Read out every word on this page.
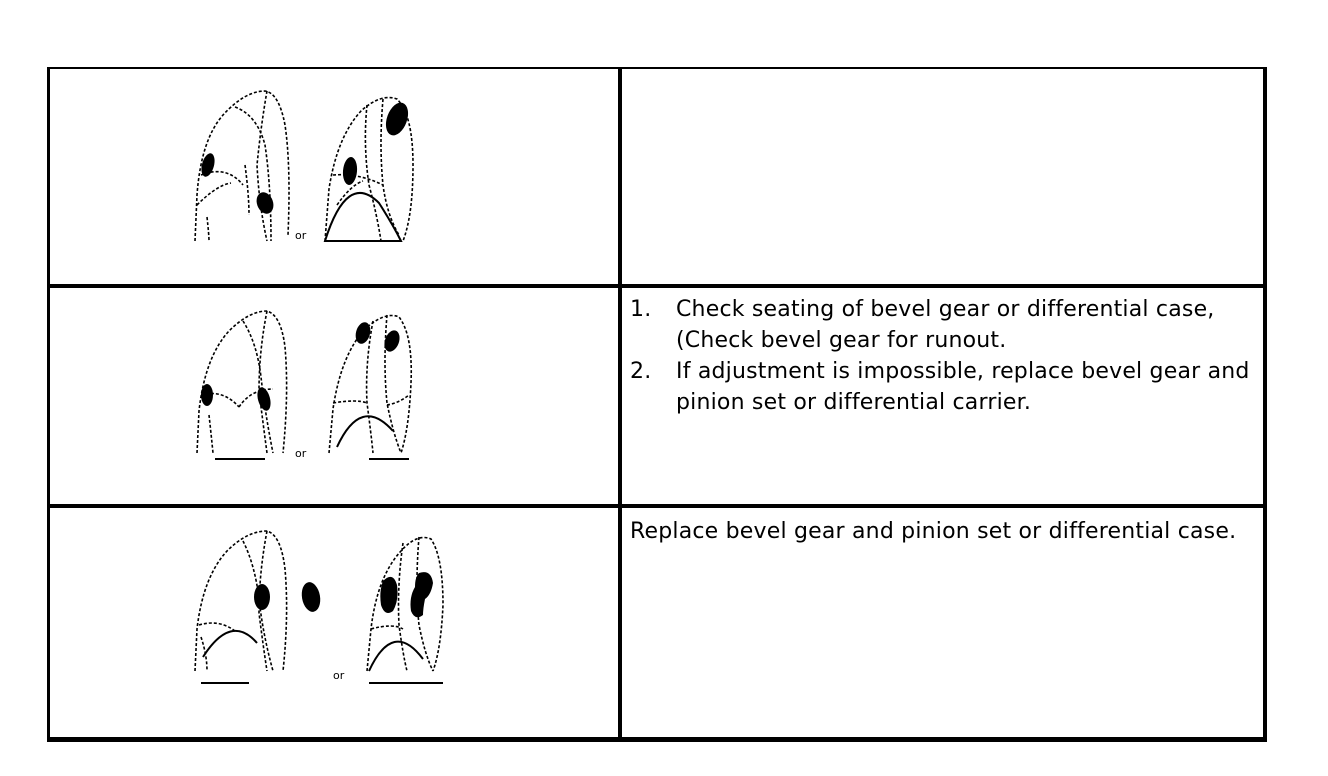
or
or
1. Check seating of bevel gear or differential case, (Check bevel gear for runout.
2. If adjustment is impossible, replace bevel gear and pinion set or differential carrier.
or

Replace bevel gear and pinion set or differential case.
